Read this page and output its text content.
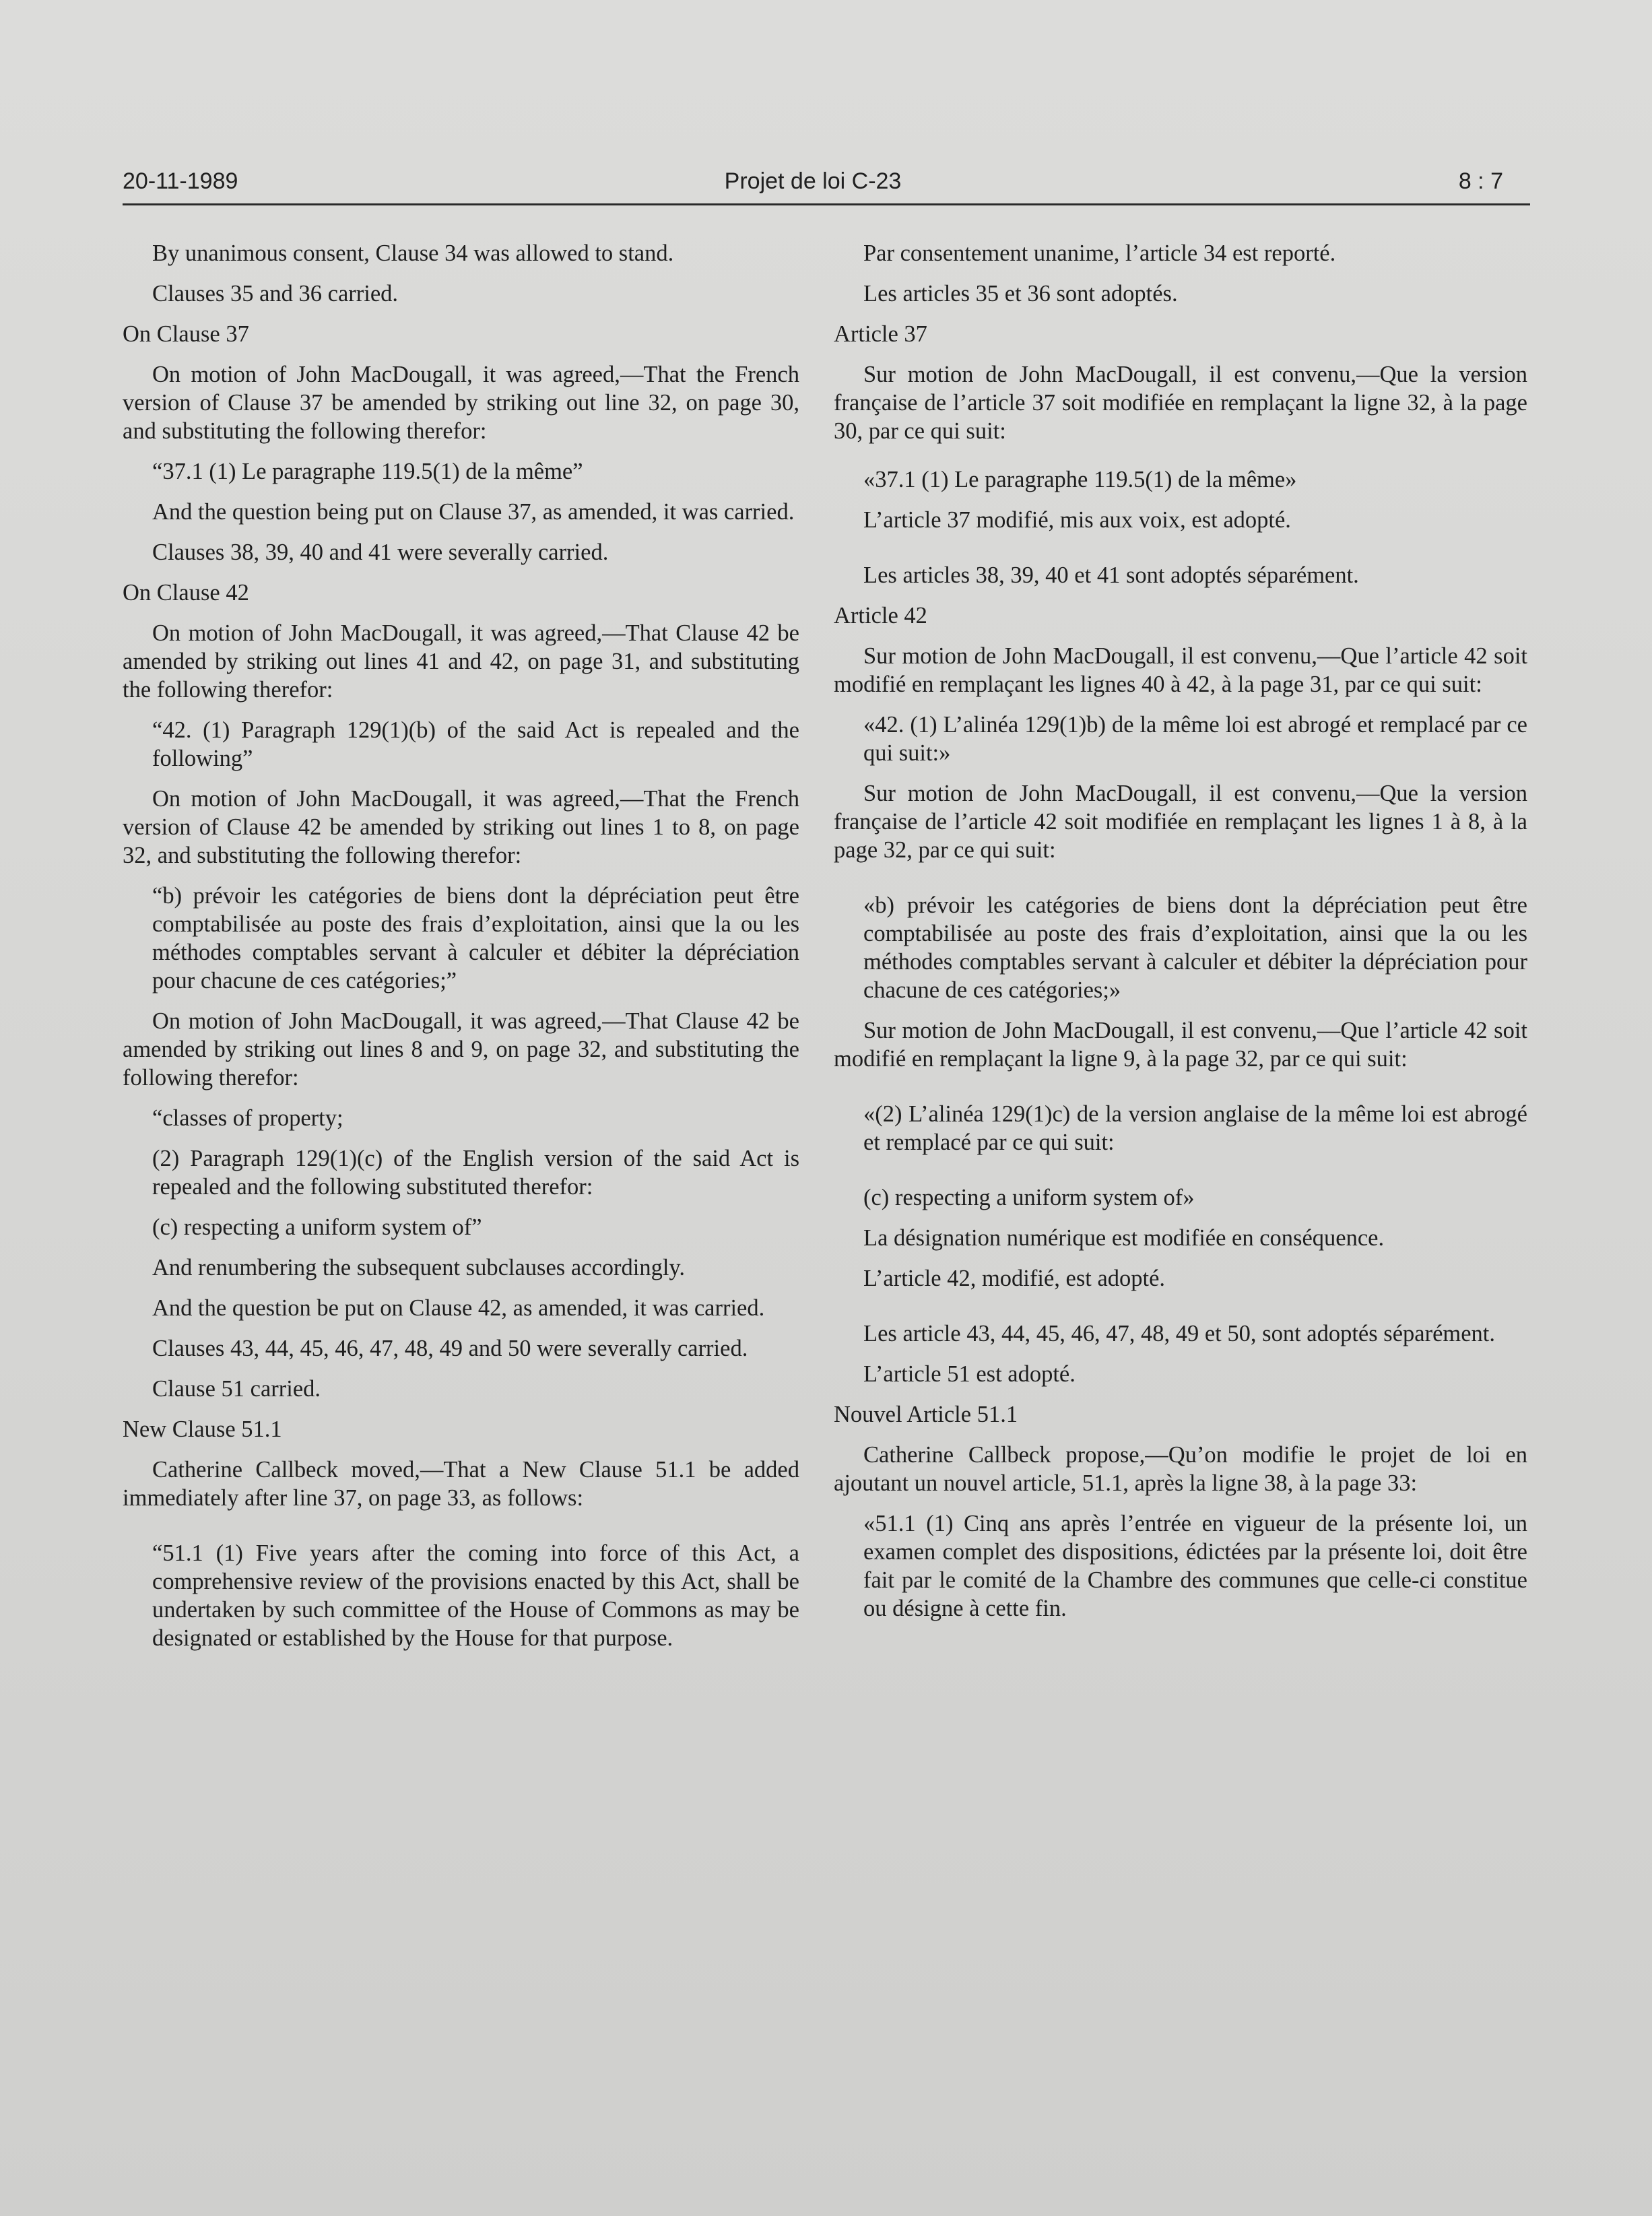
20-11-1989	Projet de loi C-23	8 : 7

By unanimous consent, Clause 34 was allowed to stand.

Clauses 35 and 36 carried.

On Clause 37

On motion of John MacDougall, it was agreed,—That the French version of Clause 37 be amended by striking out line 32, on page 30, and substituting the following therefor:

“37.1 (1) Le paragraphe 119.5(1) de la même”

And the question being put on Clause 37, as amended, it was carried.

Clauses 38, 39, 40 and 41 were severally carried.

On Clause 42

On motion of John MacDougall, it was agreed,—That Clause 42 be amended by striking out lines 41 and 42, on page 31, and substituting the following therefor:

“42. (1) Paragraph 129(1)(b) of the said Act is repealed and the following”

On motion of John MacDougall, it was agreed,—That the French version of Clause 42 be amended by striking out lines 1 to 8, on page 32, and substituting the following therefor:

“b) prévoir les catégories de biens dont la dépréciation peut être comptabilisée au poste des frais d’exploitation, ainsi que la ou les méthodes comptables servant à calculer et débiter la dépréciation pour chacune de ces catégories;”

On motion of John MacDougall, it was agreed,—That Clause 42 be amended by striking out lines 8 and 9, on page 32, and substituting the following therefor:

“classes of property;

(2) Paragraph 129(1)(c) of the English version of the said Act is repealed and the following substituted therefor:

(c) respecting a uniform system of”

And renumbering the subsequent subclauses accordingly.

And the question be put on Clause 42, as amended, it was carried.

Clauses 43, 44, 45, 46, 47, 48, 49 and 50 were severally carried.

Clause 51 carried.

New Clause 51.1

Catherine Callbeck moved,—That a New Clause 51.1 be added immediately after line 37, on page 33, as follows:

“51.1 (1) Five years after the coming into force of this Act, a comprehensive review of the provisions enacted by this Act, shall be undertaken by such committee of the House of Commons as may be designated or established by the House for that purpose.

Par consentement unanime, l’article 34 est reporté.

Les articles 35 et 36 sont adoptés.

Article 37

Sur motion de John MacDougall, il est convenu,—Que la version française de l’article 37 soit modifiée en remplaçant la ligne 32, à la page 30, par ce qui suit:

«37.1 (1) Le paragraphe 119.5(1) de la même»

L’article 37 modifié, mis aux voix, est adopté.

Les articles 38, 39, 40 et 41 sont adoptés séparément.

Article 42

Sur motion de John MacDougall, il est convenu,—Que l’article 42 soit modifié en remplaçant les lignes 40 à 42, à la page 31, par ce qui suit:

«42. (1) L’alinéa 129(1)b) de la même loi est abrogé et remplacé par ce qui suit:»

Sur motion de John MacDougall, il est convenu,—Que la version française de l’article 42 soit modifiée en remplaçant les lignes 1 à 8, à la page 32, par ce qui suit:

«b) prévoir les catégories de biens dont la dépréciation peut être comptabilisée au poste des frais d’exploitation, ainsi que la ou les méthodes comptables servant à calculer et débiter la dépréciation pour chacune de ces catégories;»

Sur motion de John MacDougall, il est convenu,—Que l’article 42 soit modifié en remplaçant la ligne 9, à la page 32, par ce qui suit:

«(2) L’alinéa 129(1)c) de la version anglaise de la même loi est abrogé et remplacé par ce qui suit:

(c) respecting a uniform system of»

La désignation numérique est modifiée en conséquence.

L’article 42, modifié, est adopté.

Les article 43, 44, 45, 46, 47, 48, 49 et 50, sont adoptés séparément.

L’article 51 est adopté.

Nouvel Article 51.1

Catherine Callbeck propose,—Qu’on modifie le projet de loi en ajoutant un nouvel article, 51.1, après la ligne 38, à la page 33:

«51.1 (1) Cinq ans après l’entrée en vigueur de la présente loi, un examen complet des dispositions, édictées par la présente loi, doit être fait par le comité de la Chambre des communes que celle-ci constitue ou désigne à cette fin.
